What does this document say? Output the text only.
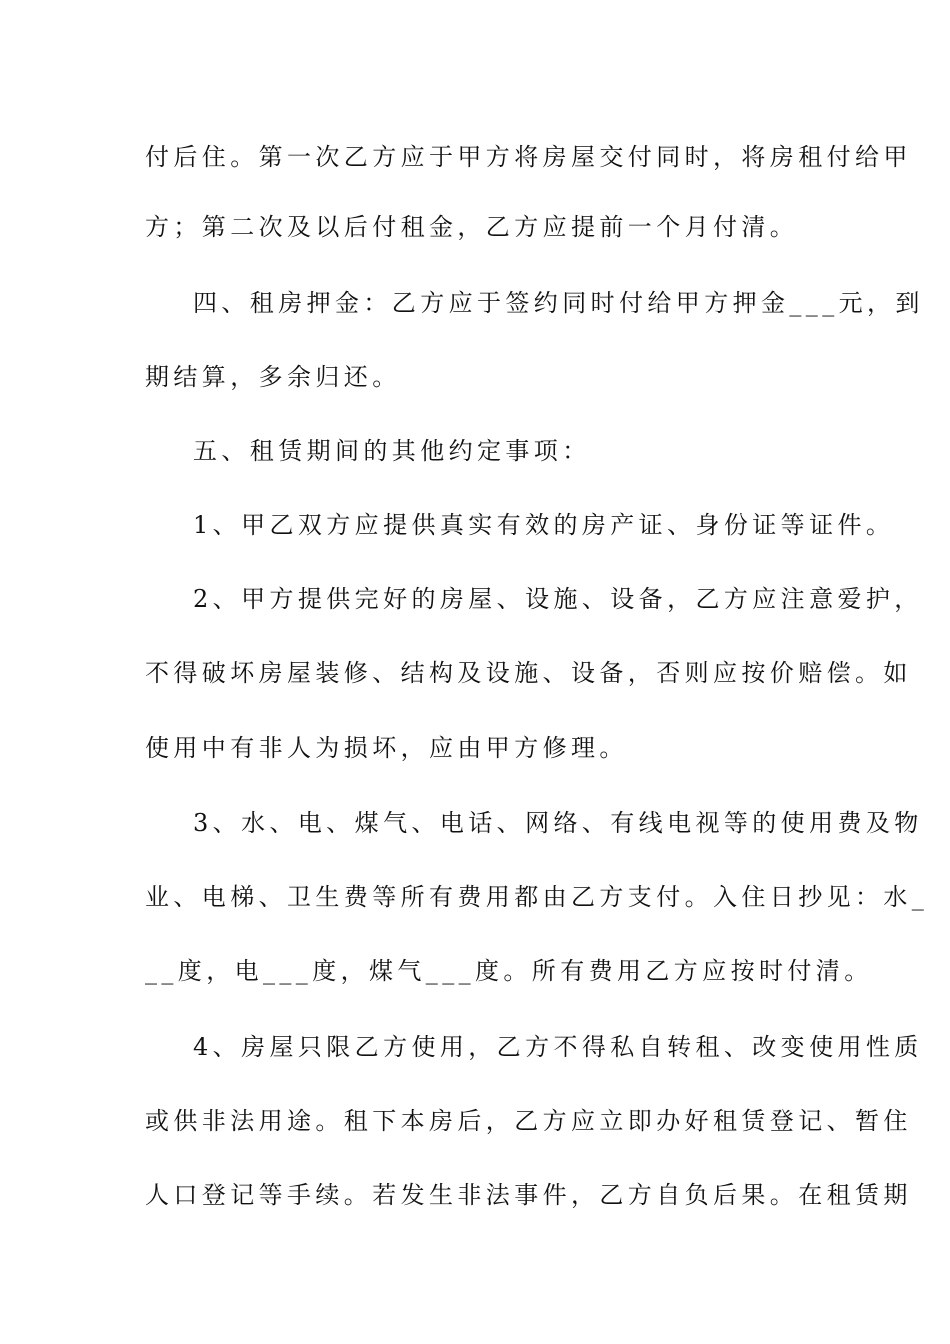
付后住。第一次乙方应于甲方将房屋交付同时，将房租付给甲
方；第二次及以后付租金，乙方应提前一个月付清。
四、租房押金：乙方应于签约同时付给甲方押金___元，到
期结算，多余归还。
五、租赁期间的其他约定事项：
1、甲乙双方应提供真实有效的房产证、身份证等证件。
2、甲方提供完好的房屋、设施、设备，乙方应注意爱护，
不得破坏房屋装修、结构及设施、设备，否则应按价赔偿。如
使用中有非人为损坏，应由甲方修理。
3、水、电、煤气、电话、网络、有线电视等的使用费及物
业、电梯、卫生费等所有费用都由乙方支付。入住日抄见：水_
__度，电___度，煤气___度。所有费用乙方应按时付清。
4、房屋只限乙方使用，乙方不得私自转租、改变使用性质
或供非法用途。租下本房后，乙方应立即办好租赁登记、暂住
人口登记等手续。若发生非法事件，乙方自负后果。在租赁期
